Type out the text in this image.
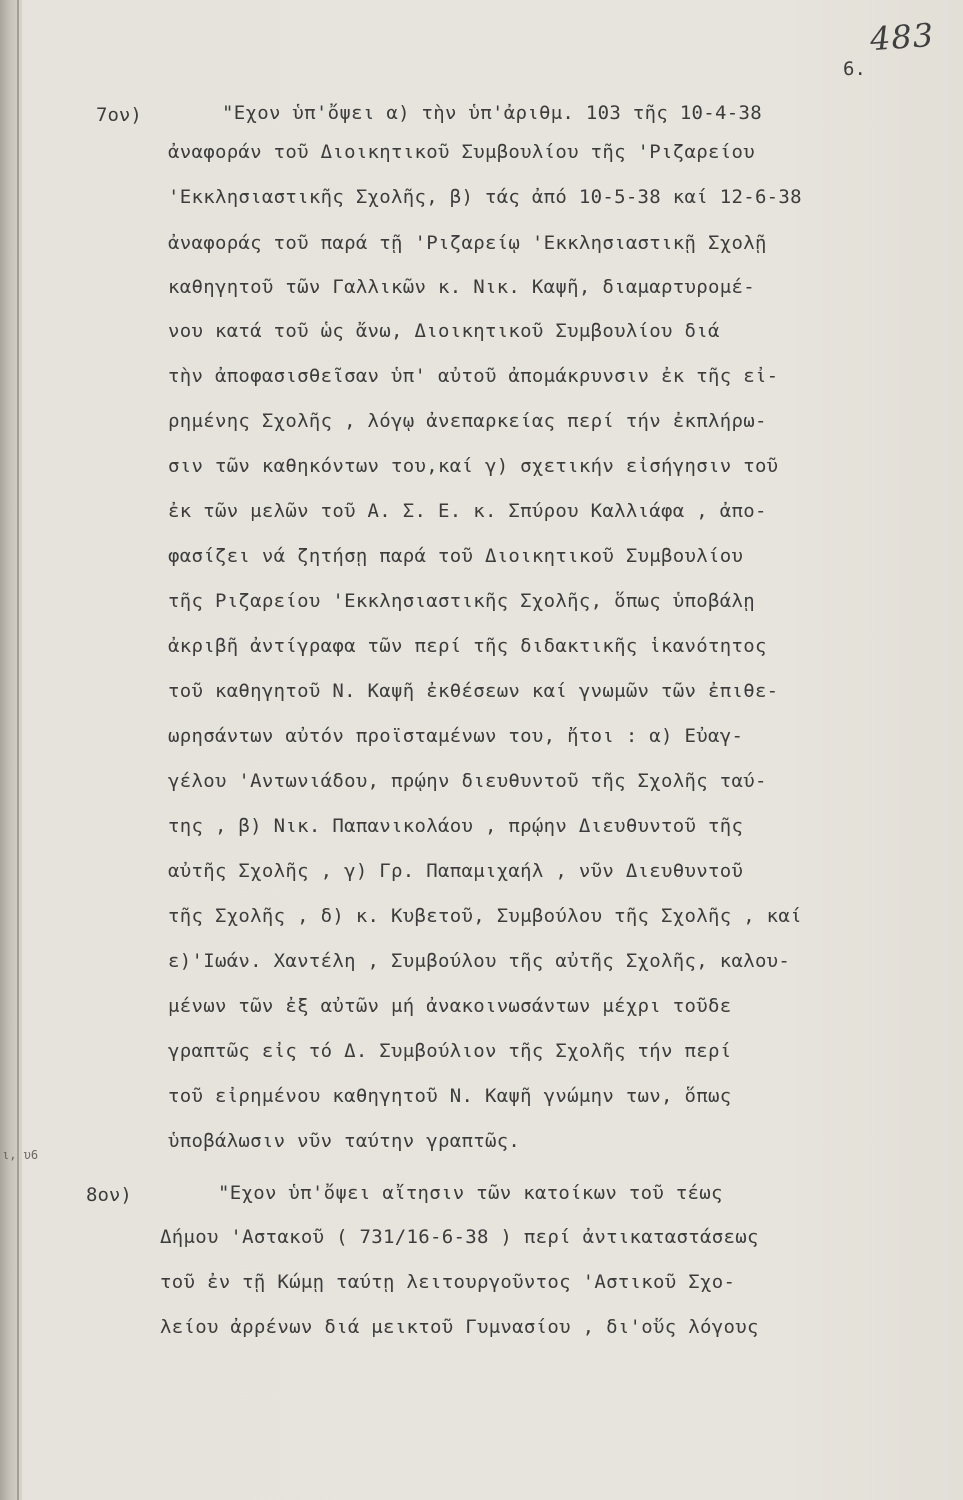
483
6.
7ον)	"Εχον ὑπ'ὄψει α) τὴν ὑπ'ἀριθμ. 103 τῆς 10-4-38
ἀναφοράν τοῦ Διοικητικοῦ Συμβουλίου τῆς 'Ριζαρείου
'Εκκλησιαστικῆς Σχολῆς, β) τάς ἀπό 10-5-38 καί 12-6-38
ἀναφοράς τοῦ παρά τῇ 'Ριζαρείῳ 'Εκκλησιαστικῇ Σχολῇ
καθηγητοῦ τῶν Γαλλικῶν κ. Νικ. Καψῆ, διαμαρτυρομέ-
νου κατά τοῦ ὡς ἄνω, Διοικητικοῦ Συμβουλίου διά
τὴν ἀποφασισθεῖσαν ὑπ' αὐτοῦ ἀπομάκρυνσιν ἐκ τῆς εἰ-
ρημένης Σχολῆς , λόγῳ ἀνεπαρκείας περί τήν ἐκπλήρω-
σιν τῶν καθηκόντων του,καί γ) σχετικήν εἰσήγησιν τοῦ
ἐκ τῶν μελῶν τοῦ Α. Σ. Ε. κ. Σπύρου Καλλιάφα , ἀπο-
φασίζει νά ζητήσῃ παρά τοῦ Διοικητικοῦ Συμβουλίου
τῆς Ριζαρείου 'Εκκλησιαστικῆς Σχολῆς, ὅπως ὑποβάλῃ
ἀκριβῆ ἀντίγραφα τῶν περί τῆς διδακτικῆς ἱκανότητος
τοῦ καθηγητοῦ Ν. Καψῆ ἐκθέσεων καί γνωμῶν τῶν ἐπιθε-
ωρησάντων αὐτόν προϊσταμένων του, ἤτοι : α) Εὐαγ-
γέλου 'Αντωνιάδου, πρῴην διευθυντοῦ τῆς Σχολῆς ταύ-
της , β) Νικ. Παπανικολάου , πρῴην Διευθυντοῦ τῆς
αὐτῆς Σχολῆς , γ) Γρ. Παπαμιχαήλ , νῦν Διευθυντοῦ
τῆς Σχολῆς , δ) κ. Κυβετοῦ, Συμβούλου τῆς Σχολῆς , καί
ε)'Ιωάν. Χαντέλη , Συμβούλου τῆς αὐτῆς Σχολῆς, καλου-
μένων τῶν ἐξ αὐτῶν μή ἀνακοινωσάντων μέχρι τοῦδε
γραπτῶς εἰς τό Δ. Συμβούλιον τῆς Σχολῆς τήν περί
τοῦ εἰρημένου καθηγητοῦ Ν. Καψῆ γνώμην των, ὅπως
ὑποβάλωσιν νῦν ταύτην γραπτῶς.
8ον)	"Εχον ὑπ'ὄψει αἴτησιν τῶν κατοίκων τοῦ τέως
Δήμου 'Αστακοῦ ( 731/16-6-38 ) περί ἀντικαταστάσεως
τοῦ ἐν τῇ Κώμῃ ταύτῃ λειτουργοῦντος 'Αστικοῦ Σχο-
λείου ἀρρένων διά μεικτοῦ Γυμνασίου , δι'οὕς λόγους
ι, υ6
